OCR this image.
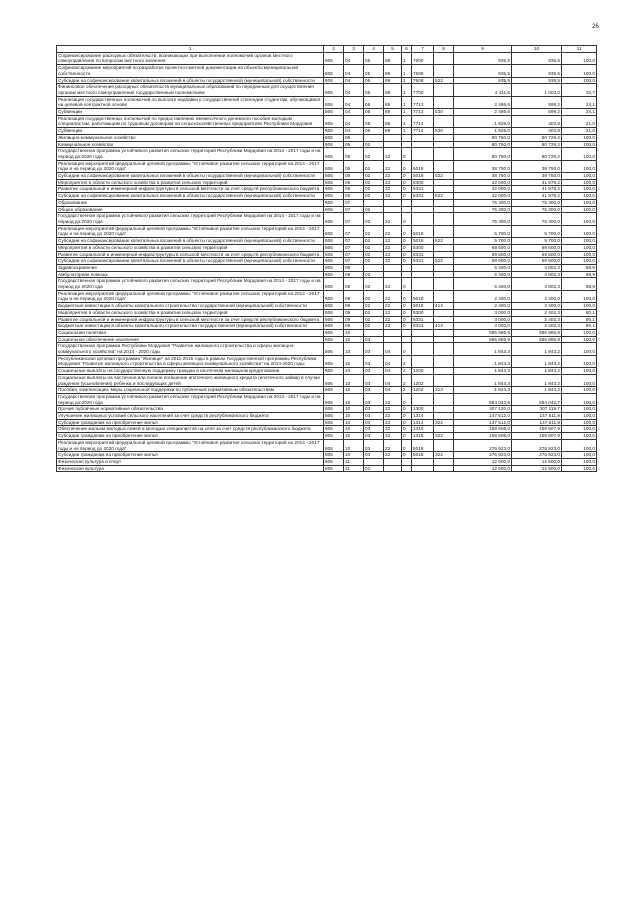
26
1	2	3	4	5	6	7	8	9	10	11
Софинансирование расходных обязательств, возникающих при выполнении полномочий органов местного самоуправления по вопросам местного значения	806	04	05	89	1	7600		935,5	935,5	100,0
Софинансирование мероприятий по разработке проектно-сметной документации на объекты муниципальной собственности	806	04	05	89	1	7608		935,5	935,5	100,0
Субсидии на софинансирование капитальных вложений в объекты государственной (муниципальной) собственности	806	04	05	89	1	7608	522	935,5	935,5	100,0
Финансовое обеспечение расходных обязательств муниципальных образований по переданным для осуществления органам местного самоуправления государственным полномочиям	806	04	05	89	1	7700		4 411,6	1 003,0	22,7
Реализация государственных полномочий по выплате надбавки к государственной стипендии студентам, обучающимся на целевой контрактной основе	806	04	05	89	1	7713		2 486,6	599,2	24,1
Субвенции	806	04	05	89	1	7713	530	2 486,6	599,2	24,1
Реализация государственных полномочий по предоставлению ежемесячного денежного пособия молодым специалистам, работающим по трудовым договорам на сельскохозяйственных предприятиях Республики Мордовия	806	04	05	89	1	7714		1 925,0	403,8	21,0
Субвенции	806	04	05	89	1	7714	530	1 925,0	403,8	21,0
Жилищно-коммунальное хозяйство	806	05						80 750,0	80 729,2	100,0
Коммунальное хозяйство	806	05	02					80 750,0	80 729,2	100,0
Государственная программа устойчивого развития сельских территорий Республики Мордовия на 2014 - 2017 годы и на период до 2020 года	806	05	02	22	0			80 750,0	80 729,2	100,0
Реализация мероприятий федеральной целевой программы "Устойчивое развитие сельских территорий на 2014 - 2017 годы и на период до 2020 года"	806	05	02	22	0	5018		38 750,0	38 750,0	100,0
Субсидии на софинансирование капитальных вложений в объекты государственной (муниципальной) собственности	806	05	02	22	0	5018	522	38 750,0	38 750,0	100,0
Мероприятия в области сельского хозяйства в развитии сельских территорий	806	05	02	22	0	8300		42 000,0	41 979,2	100,0
Развитие социальной и инженерной инфраструктуры в сельской местности за счет средств республиканского бюджета	806	05	02	22	0	8331		42 000,0	41 979,2	100,0
Субсидии на софинансирование капитальных вложений в объекты государственной (муниципальной) собственности	806	05	02	22	0	8331	522	42 000,0	41 979,2	100,0
Образование	806	07						75 300,0	75 300,0	100,0
Общее образование	806	07	02					75 300,0	75 300,0	100,0
Государственная программа устойчивого развития сельских территорий Республики Мордовия на 2014 - 2017 годы и на период до 2020 года	806	07	02	22	0			75 300,0	75 300,0	100,0
Реализация мероприятий федеральной целевой программы "Устойчивое развитие сельских территорий на 2014 - 2017 годы и на период до 2020 года"	806	07	02	22	0	5018		5 700,0	5 700,0	100,0
Субсидии на софинансирование капитальных вложений в объекты государственной (муниципальной) собственности	806	07	02	22	0	5018	522	5 700,0	5 700,0	100,0
Мероприятия в области сельского хозяйства в развитии сельских территорий	806	07	02	22	0	8300		69 600,0	69 600,0	100,0
Развитие социальной и инженерной инфраструктуры в сельской местности за счет средств республиканского бюджета	806	07	02	22	0	8331		69 600,0	69 600,0	100,0
Субсидии на софинансирование капитальных вложений в объекты государственной (муниципальной) собственности	806	07	02	22	0	8331	522	69 600,0	69 600,0	100,0
Здравоохранение	806	09						5 400,0	4 802,3	88,9
Амбулаторная помощь	806	09	02					5 400,0	4 802,3	88,9
Государственная программа устойчивого развития сельских территорий Республики Мордовия на 2014 - 2017 годы и на период до 2020 года	806	09	02	22	0			5 400,0	4 802,3	88,9
Реализация мероприятий федеральной целевой программы "Устойчивое развитие сельских территорий на 2014 - 2017 годы и на период до 2020 года"	806	09	02	22	0	5018		2 400,0	2 400,0	100,0
Бюджетные инвестиции в объекты капитального строительства государственной (муниципальной) собственности	806	09	02	22	0	5018	414	2 400,0	2 400,0	100,0
Мероприятия в области сельского хозяйства в развитии сельских территорий	806	09	02	22	0	8300		3 000,0	2 402,3	80,1
Развитие социальной и инженерной инфраструктуры в сельской местности за счет средств республиканского бюджета	806	09	02	22	0	8331		3 000,0	2 402,3	80,1
Бюджетные инвестиции в объекты капитального строительства государственной (муниципальной) собственности	806	09	02	22	0	8331	414	3 000,0	2 402,3	80,1
Социальная политика	806	10						585 886,9	585 885,9	100,0
Социальное обеспечение населения	806	10	03					585 886,9	585 885,9	100,0
Государственная программа Республики Мордовия "Развитие жилищного строительства и сферы жилищно-коммунального хозяйства" на 2014 - 2020 годы	806	10	03	04	0			1 843,3	1 843,2	100,0
Республиканская целевая программа "Жилище" на 2011-2015 годы в рамках Государственной программы Республики Мордовия "Развитие жилищного строительства и сферы жилищно-коммунального хозяйства" на 2014-2020 годы	806	10	03	04	2			1 843,3	1 843,2	100,0
Социальные выплаты на государственную поддержку граждан в ипотечном жилищном кредитовании	806	10	03	04	2	1200		1 843,3	1 843,2	100,0
Социальные выплаты на частичное или полное погашение ипотечного жилищного кредита (ипотечного займа) в случае рождения (усыновления) ребенка и последующих детей	806	10	03	04	2	1202		1 843,3	1 843,2	100,0
Пособия, компенсации, меры социальной поддержки по публичным нормативным обязательствам	806	10	03	04	2	1202	313	1 843,3	1 843,2	100,0
Государственная программа устойчивого развития сельских территорий Республики Мордовия на 2014 - 2017 годы и на период до 2020 года	806	10	03	22	0			584 043,6	584 042,7	100,0
Прочие публичные нормативные обязательства	806	10	03	22	0	1300		307 120,0	307 119,7	100,0
Улучшение жилищных условий сельского населения за счет средств республиканского бюджета	806	10	03	22	0	1314		147 512,0	147 511,8	100,0
Субсидии гражданам на приобретение жилья	806	10	03	22	0	1314	322	147 512,0	147 511,8	100,0
Обеспечение жильем молодых семей и молодых специалистов на селе за счет средств республиканского бюджета	806	10	03	22	0	1315		159 608,0	159 607,9	100,0
Субсидии гражданам на приобретение жилья	806	10	03	22	0	1315	322	159 608,0	159 607,9	100,0
Реализация мероприятий федеральной целевой программы "Устойчивое развитие сельских территорий на 2014 - 2017 годы и на период до 2020 года"	806	10	03	22	0	5018		276 923,0	276 923,0	100,0
Субсидии гражданам на приобретение жилья	806	10	03	22	0	5018	322	276 923,0	276 923,0	100,0
Физическая культура и спорт	806	11						12 500,0	12 500,0	100,0
Физическая культура	806	11	01					12 500,0	12 500,0	100,0
